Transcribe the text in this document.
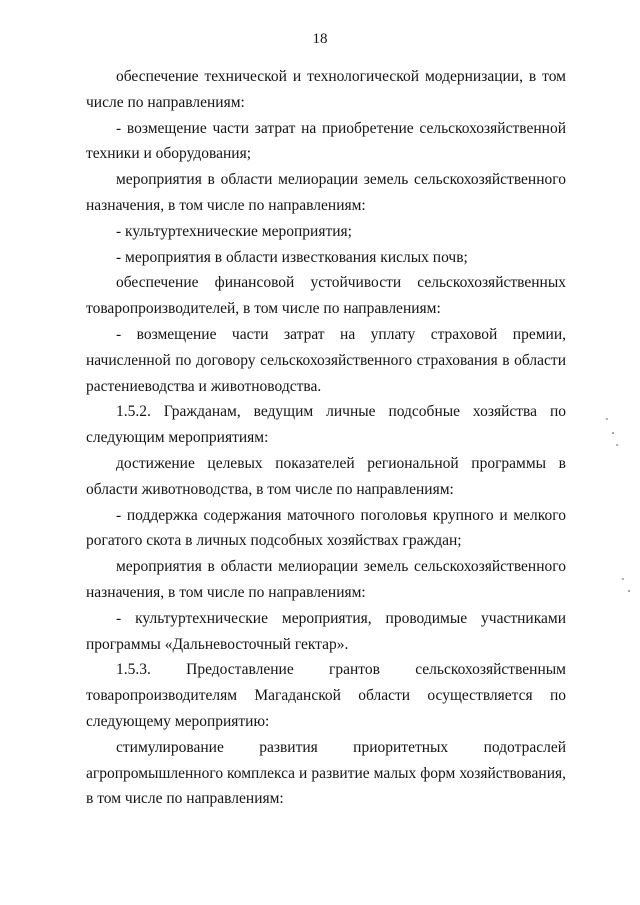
18

обеспечение технической и технологической модернизации, в том числе по направлениям:

- возмещение части затрат на приобретение сельскохозяйственной техники и оборудования;

мероприятия в области мелиорации земель сельскохозяйственного назначения, в том числе по направлениям:

- культуртехнические мероприятия;

- мероприятия в области известкования кислых почв;

обеспечение финансовой устойчивости сельскохозяйственных товаропроизводителей, в том числе по направлениям:

- возмещение части затрат на уплату страховой премии, начисленной по договору сельскохозяйственного страхования в области растениеводства и животноводства.

1.5.2. Гражданам, ведущим личные подсобные хозяйства по следующим мероприятиям:

достижение целевых показателей региональной программы в области животноводства, в том числе по направлениям:

- поддержка содержания маточного поголовья крупного и мелкого рогатого скота в личных подсобных хозяйствах граждан;

мероприятия в области мелиорации земель сельскохозяйственного назначения, в том числе по направлениям:

- культуртехнические мероприятия, проводимые участниками программы «Дальневосточный гектар».

1.5.3. Предоставление грантов сельскохозяйственным товаропроизводителям Магаданской области осуществляется по следующему мероприятию:

стимулирование развития приоритетных подотраслей агропромышленного комплекса и развитие малых форм хозяйствования, в том числе по направлениям:
